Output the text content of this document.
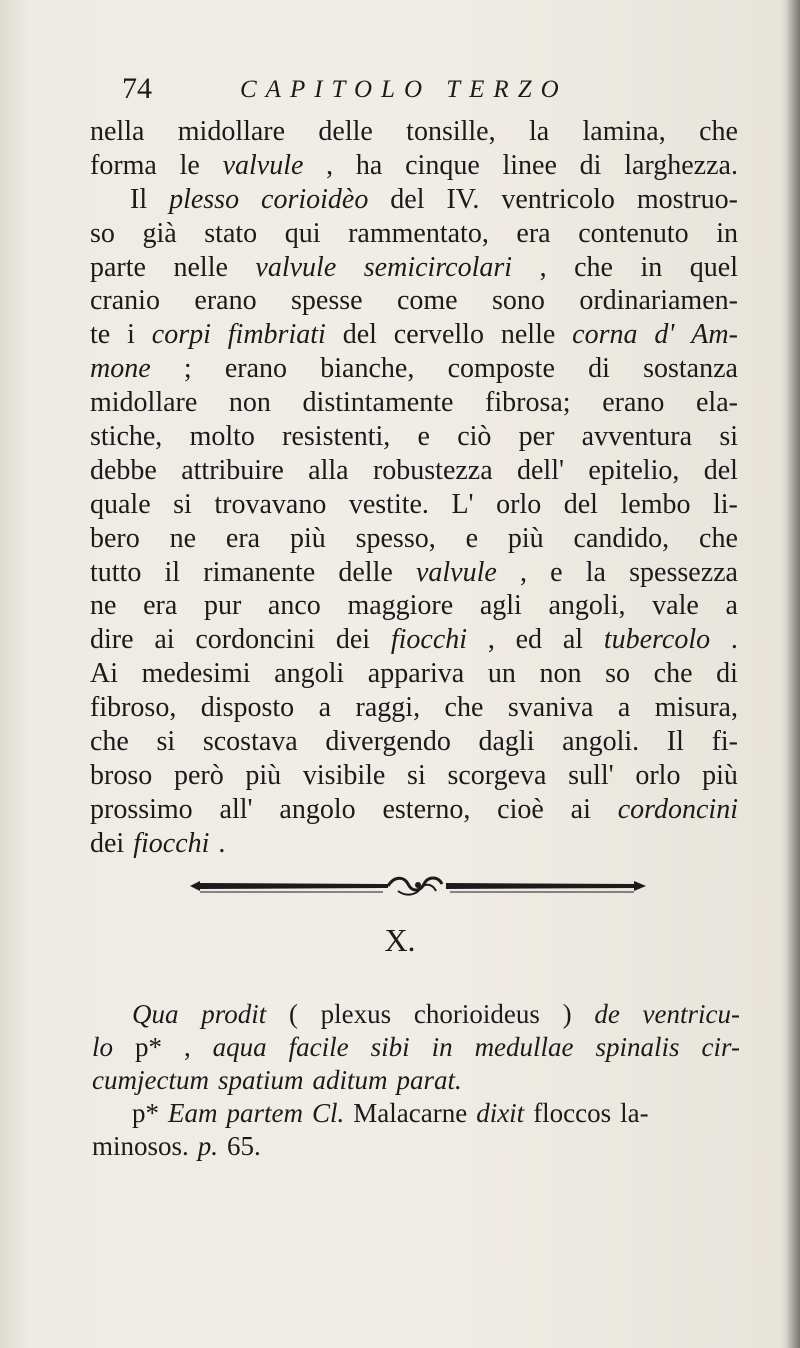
74	CAPITOLO TERZO
nella midollare delle tonsille, la lamina, che
forma le valvule , ha cinque linee di larghezza.
Il plesso corioidèo del IV. ventricolo mostruo-
so già stato qui rammentato, era contenuto in
parte nelle valvule semicircolari , che in quel
cranio erano spesse come sono ordinariamen-
te i corpi fimbriati del cervello nelle corna d' Am-
mone ; erano bianche, composte di sostanza
midollare non distintamente fibrosa; erano ela-
stiche, molto resistenti, e ciò per avventura si
debbe attribuire alla robustezza dell' epitelio, del
quale si trovavano vestite. L' orlo del lembo li-
bero ne era più spesso, e più candido, che
tutto il rimanente delle valvule , e la spessezza
ne era pur anco maggiore agli angoli, vale a
dire ai cordoncini dei fiocchi , ed al tubercolo .
Ai medesimi angoli appariva un non so che di
fibroso, disposto a raggi, che svaniva a misura,
che si scostava divergendo dagli angoli. Il fi-
broso però più visibile si scorgeva sull' orlo più
prossimo all' angolo esterno, cioè ai cordoncini
dei fiocchi .
X.
Qua prodit ( plexus chorioideus ) de ventricu-
lo p* , aqua facile sibi in medullae spinalis cir-
cumjectum spatium aditum parat.
p* Eam partem Cl. Malacarne dixit floccos la-
minosos. p. 65.
